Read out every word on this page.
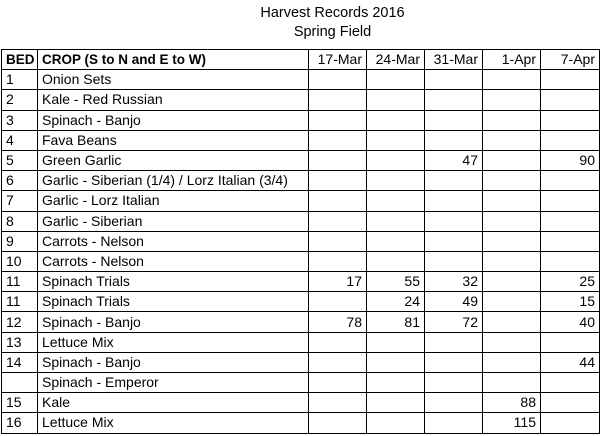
Harvest Records 2016
Spring Field
BED	CROP (S to N and E to W)	17-Mar	24-Mar	31-Mar	1-Apr	7-Apr
1	Onion Sets					
2	Kale - Red Russian					
3	Spinach - Banjo					
4	Fava Beans					
5	Green Garlic			47		90
6	Garlic - Siberian (1/4) / Lorz Italian (3/4)					
7	Garlic - Lorz Italian					
8	Garlic - Siberian					
9	Carrots - Nelson					
10	Carrots - Nelson					
11	Spinach Trials	17	55	32		25
11	Spinach Trials		24	49		15
12	Spinach - Banjo	78	81	72		40
13	Lettuce Mix					
14	Spinach - Banjo					44
	Spinach - Emperor					
15	Kale				88	
16	Lettuce Mix				115	
